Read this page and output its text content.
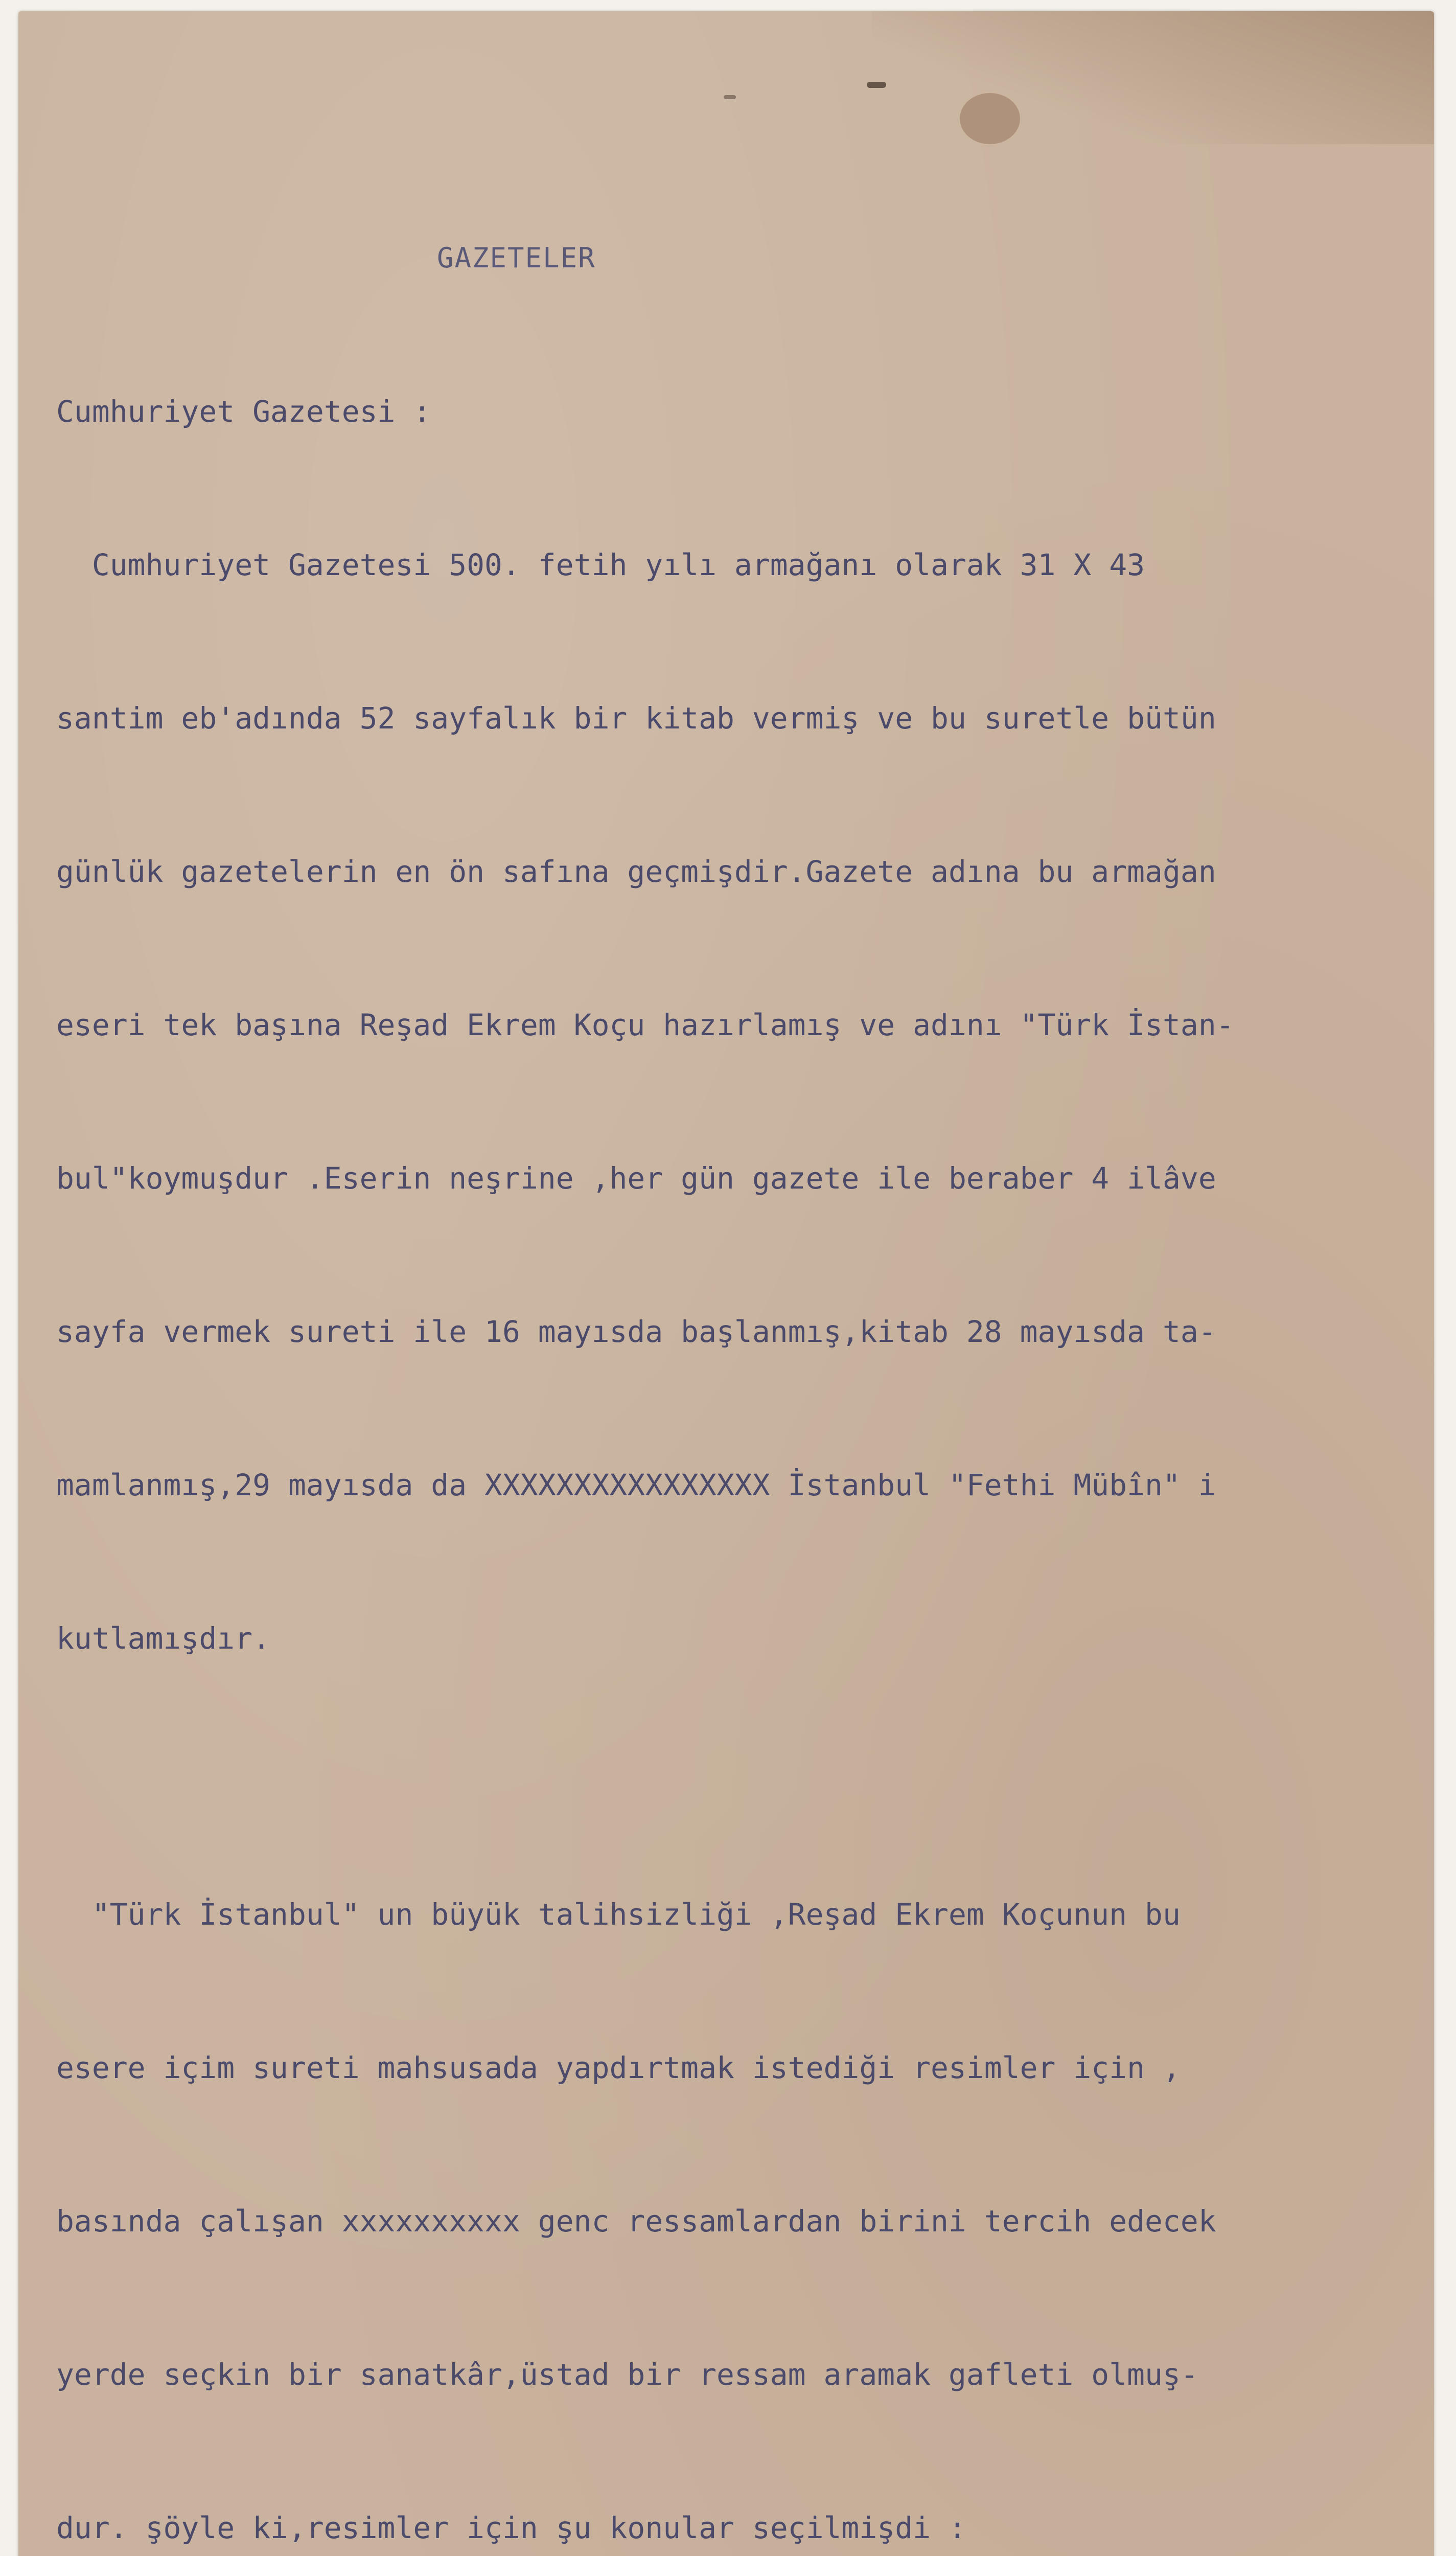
GAZETELER

Cumhuriyet Gazetesi :

Cumhuriyet Gazetesi 500. fetih yılı armağanı olarak 31 X 43

santim eb'adında 52 sayfalık bir kitab vermiş ve bu suretle bütün

günlük gazetelerin en ön safına geçmişdir.Gazete adına bu armağan

eseri tek başına Reşad Ekrem Koçu hazırlamış ve adını "Türk İstan-

bul"koymuşdur .Eserin neşrine ,her gün gazete ile beraber 4 ilâve

sayfa vermek sureti ile 16 mayısda başlanmış,kitab 28 mayısda ta-

mamlanmış,29 mayısda da XXXXXXXXXXXXXXXX İstanbul "Fethi Mübîn" i

kutlamışdır.

"Türk İstanbul" un büyük talihsizliği ,Reşad Ekrem Koçunun bu

esere içim sureti mahsusada yapdırtmak istediği resimler için ,

basında çalışan xxxxxxxxxx genc ressamlardan birini tercih edecek

yerde seçkin bir sanatkâr,üstad bir ressam aramak gafleti olmuş-

dur. şöyle ki,resimler için şu konular seçilmişdi :
